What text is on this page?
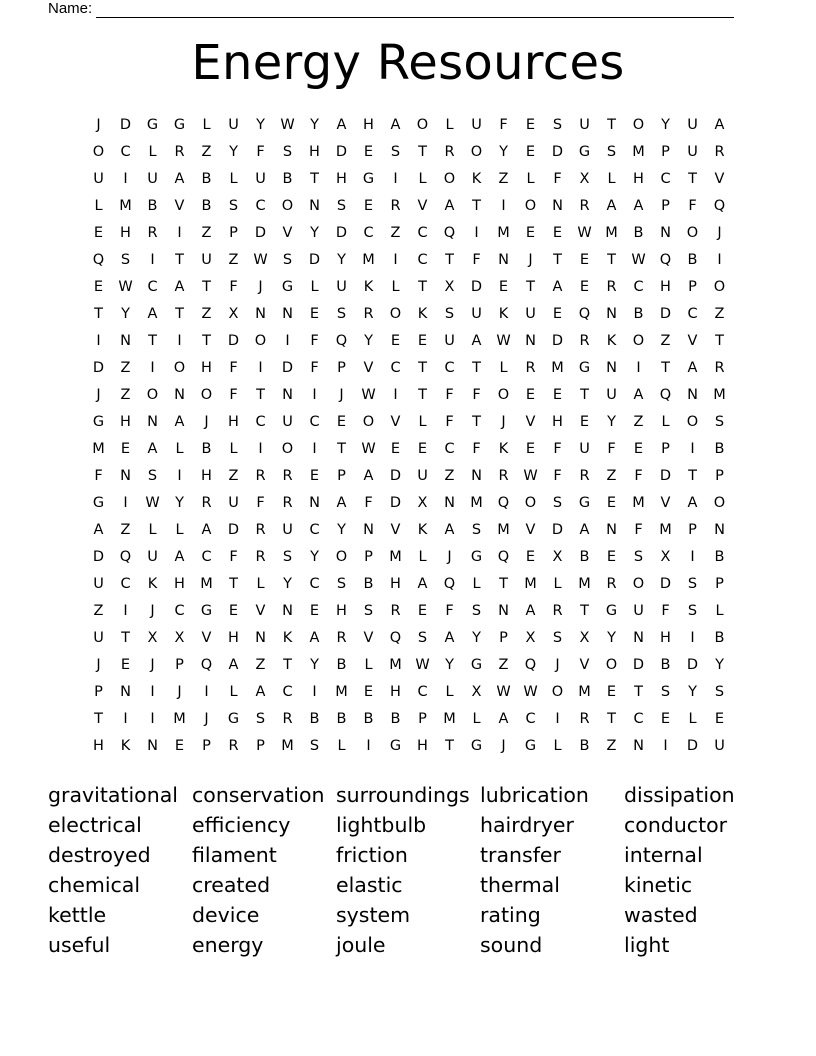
Name:
Energy Resources
J	D	G	G	L	U	Y	W	Y	A	H	A	O	L	U	F	E	S	U	T	O	Y	U	A
O	C	L	R	Z	Y	F	S	H	D	E	S	T	R	O	Y	E	D	G	S	M	P	U	R
U	I	U	A	B	L	U	B	T	H	G	I	L	O	K	Z	L	F	X	L	H	C	T	V
L	M	B	V	B	S	C	O	N	S	E	R	V	A	T	I	O	N	R	A	A	P	F	Q
E	H	R	I	Z	P	D	V	Y	D	C	Z	C	Q	I	M	E	E	W M	B	N	O	J
Q	S	I	T	U	Z	W	S	D	Y	M	I	C	T	F	N	J	T	E	T	W Q	B	I
E	W	C	A	T	F	J	G	L	U	K	L	T	X	D	E	T	A	E	R	C	H	P	O
T	Y	A	T	Z	X	N	N	E	S	R	O	K	S	U	K	U	E	Q	N	B	D	C	Z
I	N	T	I	T	D	O	I	F	Q	Y	E	E	U	A	W N	D	R	K	O	Z	V	T
D	Z	I	O	H	F	I	D	F	P	V	C	T	C	T	L	R	M	G	N	I	T	A	R
J	Z	O	N	O	F	T	N	I	J	W	I	T	F	F	O	E	E	T	U	A	Q	N	M
G	H	N	A	J	H	C	U	C	E	O	V	L	F	T	J	V	H	E	Y	Z	L	O	S
M	E	A	L	B	L	I	O	I	T	W	E	E	C	F	K	E	F	U	F	E	P	I	B
F	N	S	I	H	Z	R	R	E	P	A	D	U	Z	N	R	W	F	R	Z	F	D	T	P
G	I	W	Y	R	U	F	R	N	A	F	D	X	N	M	Q	O	S	G	E	M	V	A	O
A	Z	L	L	A	D	R	U	C	Y	N	V	K	A	S	M	V	D	A	N	F	M	P	N
D	Q	U	A	C	F	R	S	Y	O	P	M	L	J	G	Q	E	X	B	E	S	X	I	B
U	C	K	H	M	T	L	Y	C	S	B	H	A	Q	L	T	M	L	M	R	O	D	S	P
Z	I	J	C	G	E	V	N	E	H	S	R	E	F	S	N	A	R	T	G	U	F	S	L
U	T	X	X	V	H	N	K	A	R	V	Q	S	A	Y	P	X	S	X	Y	N	H	I	B
J	E	J	P	Q	A	Z	T	Y	B	L	M W	Y	G	Z	Q	J	V	O	D	B	D	Y
P	N	I	J	I	L	A	C	I	M	E	H	C	L	X	W W O	M	E	T	S	Y	S
T	I	I	M	J	G	S	R	B	B	B	B	P	M	L	A	C	I	R	T	C	E	L	E
H	K	N	E	P	R	P	M	S	L	I	G	H	T	G	J	G	L	B	Z	N	I	D	U
gravitational conservation surroundings lubrication	dissipation
electrical	efficiency	lightbulb	hairdryer	conductor
destroyed	filament	friction	transfer	internal
chemical	created	elastic	thermal	kinetic
kettle	device	system	rating	wasted
useful	energy	joule	sound	light
